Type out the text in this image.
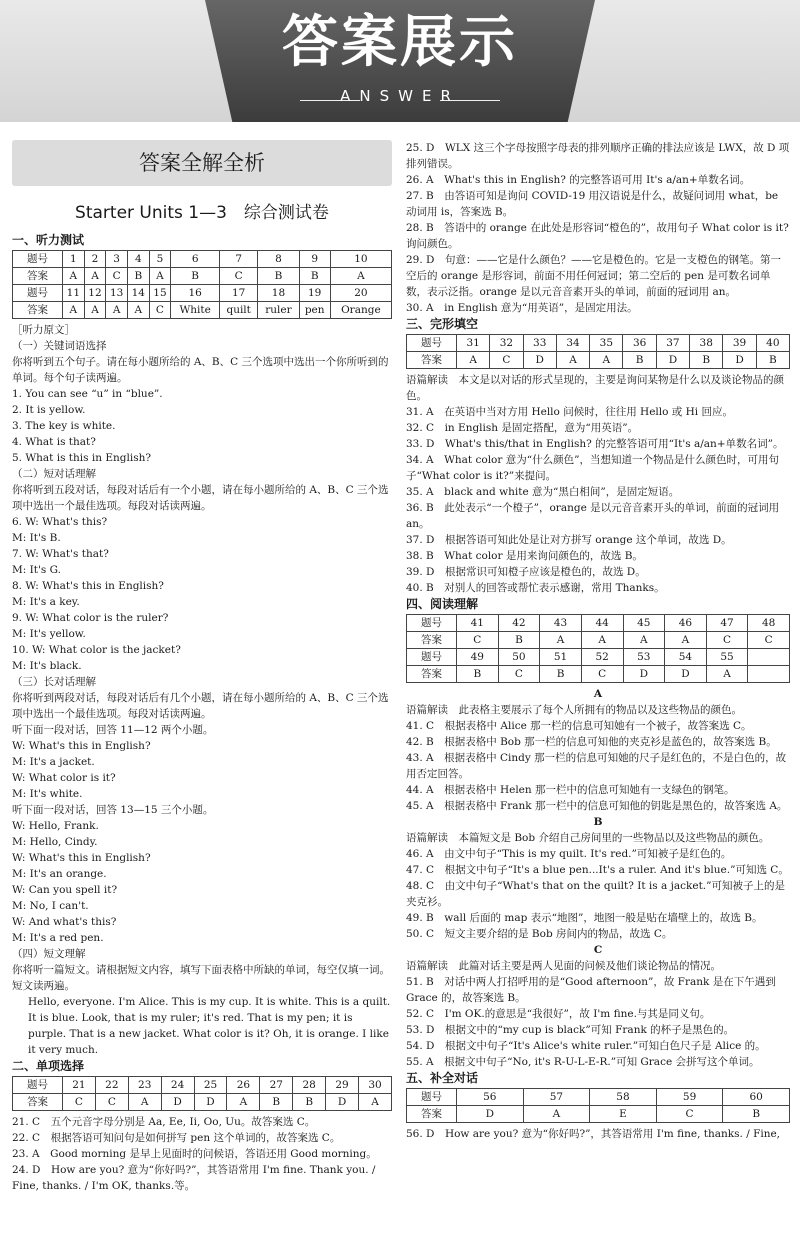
答案展示
ANSWER
答案全解全析
Starter Units 1—3　综合测试卷
一、听力测试
题号	1	2	3	4	5	6	7	8	9	10
答案	A	A	C	B	A	B	C	B	B	A
题号	11	12	13	14	15	16	17	18	19	20
答案	A	A	A	A	C	White	quilt	ruler	pen	Orange
［听力原文］
（一）关键词语选择
你将听到五个句子。请在每小题所给的 A、B、C 三个选项中选出一个你所听到的单词。每个句子读两遍。
1. You can see “u” in “blue”.
2. It is yellow.
3. The key is white.
4. What is that?
5. What is this in English?
（二）短对话理解
你将听到五段对话，每段对话后有一个小题，请在每小题所给的 A、B、C 三个选项中选出一个最佳选项。每段对话读两遍。
6. W: What's this?
M: It's B.
7. W: What's that?
M: It's G.
8. W: What's this in English?
M: It's a key.
9. W: What color is the ruler?
M: It's yellow.
10. W: What color is the jacket?
M: It's black.
（三）长对话理解
你将听到两段对话，每段对话后有几个小题，请在每小题所给的 A、B、C 三个选项中选出一个最佳选项。每段对话读两遍。
听下面一段对话，回答 11—12 两个小题。
W: What's this in English?
M: It's a jacket.
W: What color is it?
M: It's white.
听下面一段对话，回答 13—15 三个小题。
W: Hello, Frank.
M: Hello, Cindy.
W: What's this in English?
M: It's an orange.
W: Can you spell it?
M: No, I can't.
W: And what's this?
M: It's a red pen.
（四）短文理解
你将听一篇短文。请根据短文内容，填写下面表格中所缺的单词，每空仅填一词。短文读两遍。
Hello, everyone. I'm Alice. This is my cup. It is white. This is a quilt. It is blue. Look, that is my ruler; it's red. That is my pen; it is purple. That is a new jacket. What color is it? Oh, it is orange. I like it very much.
二、单项选择
题号	21	22	23	24	25	26	27	28	29	30
答案	C	C	A	D	D	A	B	B	D	A
21. C　五个元音字母分别是 Aa, Ee, Ii, Oo, Uu。故答案选 C。
22. C　根据答语可知问句是如何拼写 pen 这个单词的，故答案选 C。
23. A　Good morning 是早上见面时的问候语，答语还用 Good morning。
24. D　How are you? 意为“你好吗?”，其答语常用 I'm fine. Thank you. / Fine, thanks. / I'm OK, thanks.等。
25. D　WLX 这三个字母按照字母表的排列顺序正确的排法应该是 LWX，故 D 项排列错误。
26. A　What's this in English? 的完整答语可用 It's a/an+单数名词。
27. B　由答语可知是询问 COVID-19 用汉语说是什么，故疑问词用 what，be 动词用 is，答案选 B。
28. B　答语中的 orange 在此处是形容词“橙色的”，故用句子 What color is it? 询问颜色。
29. D　句意：——它是什么颜色？——它是橙色的。它是一支橙色的钢笔。第一空后的 orange 是形容词，前面不用任何冠词；第二空后的 pen 是可数名词单数，表示泛指。orange 是以元音音素开头的单词，前面的冠词用 an。
30. A　in English 意为“用英语”，是固定用法。
三、完形填空
题号	31	32	33	34	35	36	37	38	39	40
答案	A	C	D	A	A	B	D	B	D	B
语篇解读　本文是以对话的形式呈现的，主要是询问某物是什么以及谈论物品的颜色。
31. A　在英语中当对方用 Hello 问候时，往往用 Hello 或 Hi 回应。
32. C　in English 是固定搭配，意为“用英语”。
33. D　What's this/that in English? 的完整答语可用“It's a/an+单数名词”。
34. A　What color 意为“什么颜色”，当想知道一个物品是什么颜色时，可用句子“What color is it?”来提问。
35. A　black and white 意为“黑白相间”，是固定短语。
36. B　此处表示“一个橙子”，orange 是以元音音素开头的单词，前面的冠词用 an。
37. D　根据答语可知此处是让对方拼写 orange 这个单词，故选 D。
38. B　What color 是用来询问颜色的，故选 B。
39. D　根据常识可知橙子应该是橙色的，故选 D。
40. B　对别人的回答或帮忙表示感谢，常用 Thanks。
四、阅读理解
题号	41	42	43	44	45	46	47	48
答案	C	B	A	A	A	A	C	C
题号	49	50	51	52	53	54	55	
答案	B	C	B	C	D	D	A	
A
语篇解读　此表格主要展示了每个人所拥有的物品以及这些物品的颜色。
41. C　根据表格中 Alice 那一栏的信息可知她有一个被子，故答案选 C。
42. B　根据表格中 Bob 那一栏的信息可知他的夹克衫是蓝色的，故答案选 B。
43. A　根据表格中 Cindy 那一栏的信息可知她的尺子是红色的，不是白色的，故用否定回答。
44. A　根据表格中 Helen 那一栏中的信息可知她有一支绿色的钢笔。
45. A　根据表格中 Frank 那一栏中的信息可知他的钥匙是黑色的，故答案选 A。
B
语篇解读　本篇短文是 Bob 介绍自己房间里的一些物品以及这些物品的颜色。
46. A　由文中句子“This is my quilt. It's red.”可知被子是红色的。
47. C　根据文中句子“It's a blue pen...It's a ruler. And it's blue.”可知选 C。
48. C　由文中句子“What's that on the quilt? It is a jacket.”可知被子上的是夹克衫。
49. B　wall 后面的 map 表示“地图”，地图一般是贴在墙壁上的，故选 B。
50. C　短文主要介绍的是 Bob 房间内的物品，故选 C。
C
语篇解读　此篇对话主要是两人见面的问候及他们谈论物品的情况。
51. B　对话中两人打招呼用的是“Good afternoon”，故 Frank 是在下午遇到 Grace 的，故答案选 B。
52. C　I'm OK.的意思是“我很好”，故 I'm fine.与其是同义句。
53. D　根据文中的“my cup is black”可知 Frank 的杯子是黑色的。
54. D　根据文中句子“It's Alice's white ruler.”可知白色尺子是 Alice 的。
55. A　根据文中句子“No, it's R-U-L-E-R.”可知 Grace 会拼写这个单词。
五、补全对话
题号	56	57	58	59	60
答案	D	A	E	C	B
56. D　How are you? 意为“你好吗?”，其答语常用 I'm fine, thanks. / Fine,
